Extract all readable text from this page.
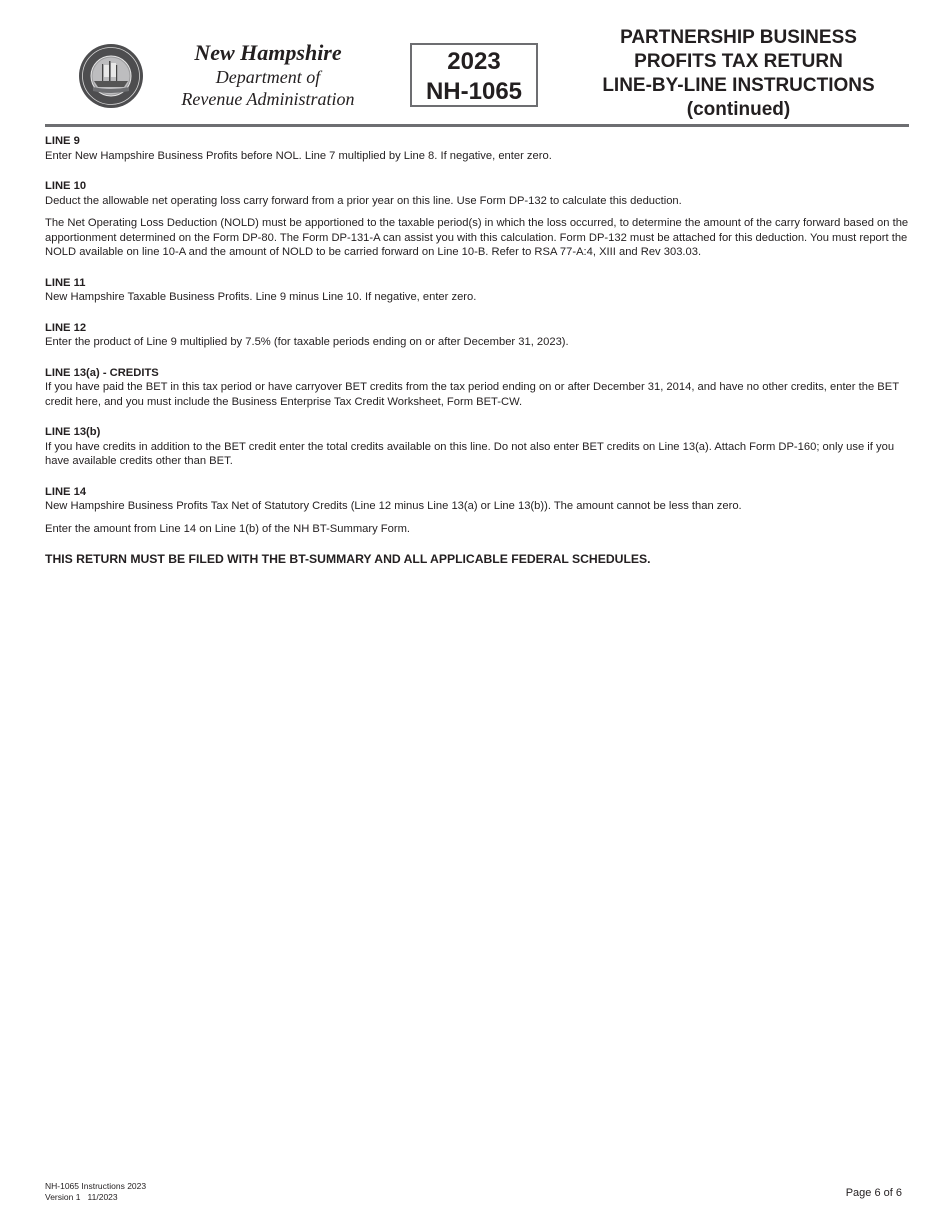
New Hampshire
Department of
Revenue Administration
2023
NH-1065
PARTNERSHIP BUSINESS
PROFITS TAX RETURN
LINE-BY-LINE INSTRUCTIONS
(continued)
LINE 9

Enter New Hampshire Business Profits before NOL. Line 7 multiplied by Line 8. If negative, enter zero.

LINE 10

Deduct the allowable net operating loss carry forward from a prior year on this line. Use Form DP-132 to calculate this deduction.

The Net Operating Loss Deduction (NOLD) must be apportioned to the taxable period(s) in which the loss occurred, to determine the amount of the carry forward based on the apportionment determined on the Form DP-80. The Form DP-131-A can assist you with this calculation. Form DP-132 must be attached for this deduction. You must report the NOLD available on line 10-A and the amount of NOLD to be carried forward on Line 10-B. Refer to RSA 77-A:4, XIII and Rev 303.03.

LINE 11

New Hampshire Taxable Business Profits. Line 9 minus Line 10. If negative, enter zero.

LINE 12

Enter the product of Line 9 multiplied by 7.5% (for taxable periods ending on or after December 31, 2023).

LINE 13(a) - CREDITS

If you have paid the BET in this tax period or have carryover BET credits from the tax period ending on or after December 31, 2014, and have no other credits, enter the BET credit here, and you must include the Business Enterprise Tax Credit Worksheet, Form BET-CW.

LINE 13(b)

If you have credits in addition to the BET credit enter the total credits available on this line. Do not also enter BET credits on Line 13(a). Attach Form DP-160; only use if you have available credits other than BET.

LINE 14

New Hampshire Business Profits Tax Net of Statutory Credits (Line 12 minus Line 13(a) or Line 13(b)). The amount cannot be less than zero.

Enter the amount from Line 14 on Line 1(b) of the NH BT-Summary Form.

THIS RETURN MUST BE FILED WITH THE BT-SUMMARY AND ALL APPLICABLE FEDERAL SCHEDULES.
NH-1065 Instructions 2023
Version 1   11/2023	Page 6 of 6
